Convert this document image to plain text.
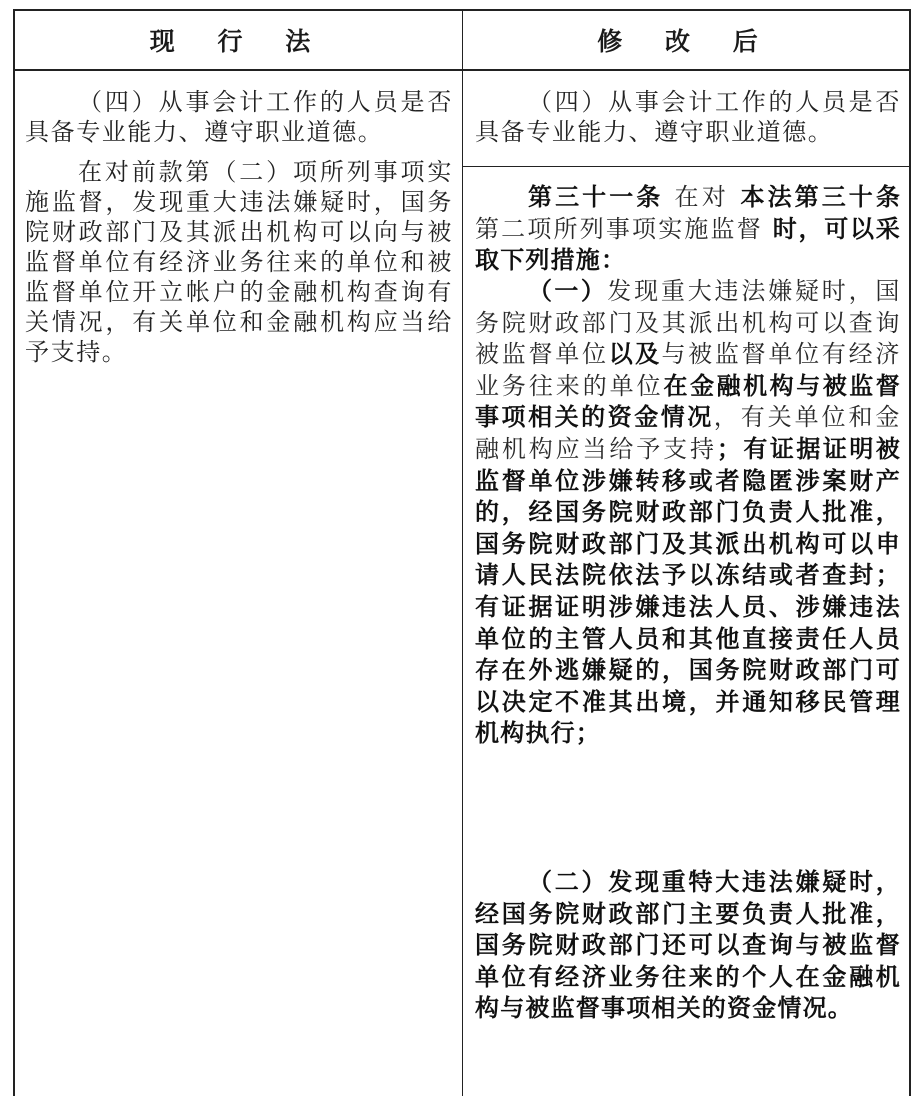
现 行 法	修 改 后
（四）从事会计工作的人员是否具备专业能力、遵守职业道德。
在对前款第（二）项所列事项实施监督，发现重大违法嫌疑时，国务院财政部门及其派出机构可以向与被监督单位有经济业务往来的单位和被监督单位开立帐户的金融机构查询有关情况，有关单位和金融机构应当给予支持。
（四）从事会计工作的人员是否具备专业能力、遵守职业道德。
第三十一条 在对 本法第三十条 第二项所列事项实施监督 时，可以采取下列措施：
（一）发现重大违法嫌疑时，国务院财政部门及其派出机构可以查询被监督单位以及与被监督单位有经济业务往来的单位在金融机构与被监督事项相关的资金情况，有关单位和金融机构应当给予支持；有证据证明被监督单位涉嫌转移或者隐匿涉案财产的，经国务院财政部门负责人批准，国务院财政部门及其派出机构可以申请人民法院依法予以冻结或者查封；有证据证明涉嫌违法人员、涉嫌违法单位的主管人员和其他直接责任人员存在外逃嫌疑的，国务院财政部门可以决定不准其出境，并通知移民管理机构执行；
（二）发现重特大违法嫌疑时，经国务院财政部门主要负责人批准，国务院财政部门还可以查询与被监督单位有经济业务往来的个人在金融机构与被监督事项相关的资金情况。
